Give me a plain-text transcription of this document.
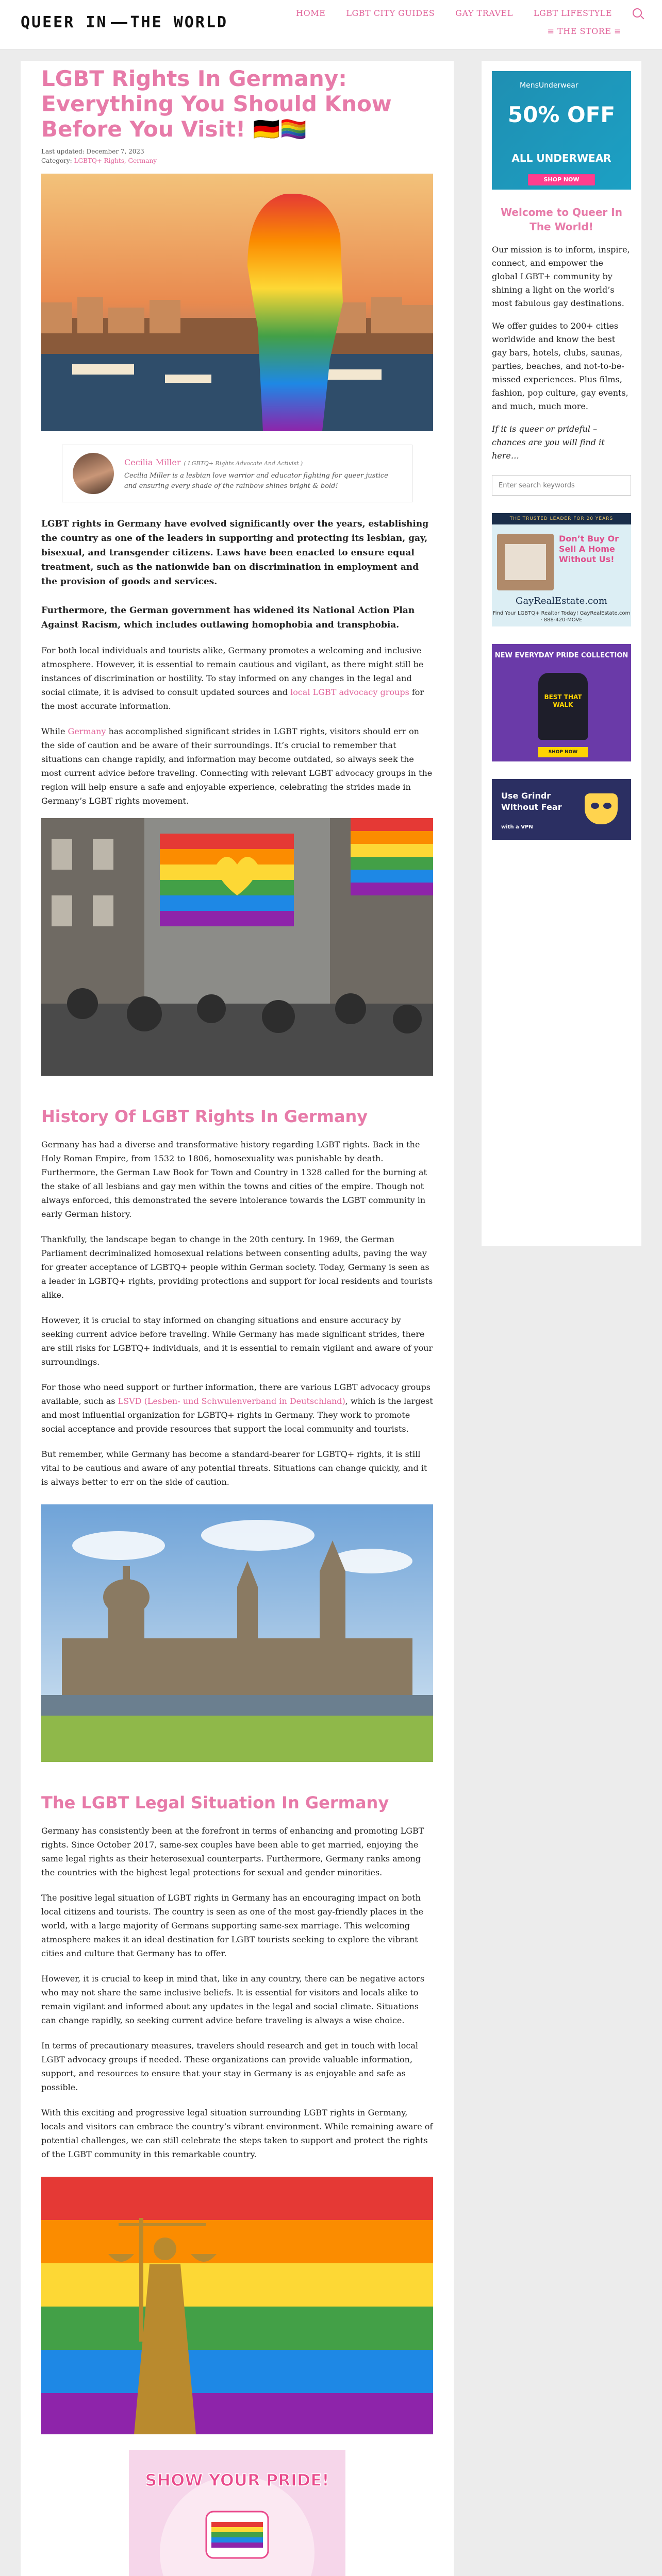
QUEER IN THE WORLD
HOME	LGBT CITY GUIDES	GAY TRAVEL	LGBT LIFESTYLE
≡ THE STORE ≡
LGBT Rights In Germany: Everything You Should Know Before You Visit! 🇩🇪🏳️‍🌈
Last updated: December 7, 2023
Category: LGBTQ+ Rights, Germany
Cecilia Miller ( LGBTQ+ Rights Advocate And Activist )
Cecilia Miller is a lesbian love warrior and educator fighting for queer justice and ensuring every shade of the rainbow shines bright & bold!

LGBT rights in Germany have evolved significantly over the years, establishing the country as one of the leaders in supporting and protecting its lesbian, gay, bisexual, and transgender citizens. Laws have been enacted to ensure equal treatment, such as the nationwide ban on discrimination in employment and the provision of goods and services.

Furthermore, the German government has widened its National Action Plan Against Racism, which includes outlawing homophobia and transphobia.

For both local individuals and tourists alike, Germany promotes a welcoming and inclusive atmosphere. However, it is essential to remain cautious and vigilant, as there might still be instances of discrimination or hostility. To stay informed on any changes in the legal and social climate, it is advised to consult updated sources and local LGBT advocacy groups for the most accurate information.

While Germany has accomplished significant strides in LGBT rights, visitors should err on the side of caution and be aware of their surroundings. It’s crucial to remember that situations can change rapidly, and information may become outdated, so always seek the most current advice before traveling. Connecting with relevant LGBT advocacy groups in the region will help ensure a safe and enjoyable experience, celebrating the strides made in Germany’s LGBT rights movement.

History Of LGBT Rights In Germany

Germany has had a diverse and transformative history regarding LGBT rights. Back in the Holy Roman Empire, from 1532 to 1806, homosexuality was punishable by death. Furthermore, the German Law Book for Town and Country in 1328 called for the burning at the stake of all lesbians and gay men within the towns and cities of the empire. Though not always enforced, this demonstrated the severe intolerance towards the LGBT community in early German history.

Thankfully, the landscape began to change in the 20th century. In 1969, the German Parliament decriminalized homosexual relations between consenting adults, paving the way for greater acceptance of LGBTQ+ people within German society. Today, Germany is seen as a leader in LGBTQ+ rights, providing protections and support for local residents and tourists alike.

However, it is crucial to stay informed on changing situations and ensure accuracy by seeking current advice before traveling. While Germany has made significant strides, there are still risks for LGBTQ+ individuals, and it is essential to remain vigilant and aware of your surroundings.

For those who need support or further information, there are various LGBT advocacy groups available, such as LSVD (Lesben- und Schwulenverband in Deutschland), which is the largest and most influential organization for LGBTQ+ rights in Germany. They work to promote social acceptance and provide resources that support the local community and tourists.

But remember, while Germany has become a standard-bearer for LGBTQ+ rights, it is still vital to be cautious and aware of any potential threats. Situations can change quickly, and it is always better to err on the side of caution.

The LGBT Legal Situation In Germany

Germany has consistently been at the forefront in terms of enhancing and promoting LGBT rights. Since October 2017, same-sex couples have been able to get married, enjoying the same legal rights as their heterosexual counterparts. Furthermore, Germany ranks among the countries with the highest legal protections for sexual and gender minorities.

The positive legal situation of LGBT rights in Germany has an encouraging impact on both local citizens and tourists. The country is seen as one of the most gay-friendly places in the world, with a large majority of Germans supporting same-sex marriage. This welcoming atmosphere makes it an ideal destination for LGBT tourists seeking to explore the vibrant cities and culture that Germany has to offer.

However, it is crucial to keep in mind that, like in any country, there can be negative actors who may not share the same inclusive beliefs. It is essential for visitors and locals alike to remain vigilant and informed about any updates in the legal and social climate. Situations can change rapidly, so seeking current advice before traveling is always a wise choice.

In terms of precautionary measures, travelers should research and get in touch with local LGBT advocacy groups if needed. These organizations can provide valuable information, support, and resources to ensure that your stay in Germany is as enjoyable and safe as possible.

With this exciting and progressive legal situation surrounding LGBT rights in Germany, locals and visitors can embrace the country’s vibrant environment. While remaining aware of potential challenges, we can still celebrate the steps taken to support and protect the rights of the LGBT community in this remarkable country.

SHOW YOUR PRIDE!
MensUnderwear
50% OFF
ALL UNDERWEAR
SHOP NOW
Welcome to Queer In The World!

Our mission is to inform, inspire, connect, and empower the global LGBT+ community by shining a light on the world’s most fabulous gay destinations.

We offer guides to 200+ cities worldwide and know the best gay bars, hotels, clubs, saunas, parties, beaches, and not-to-be-missed experiences. Plus films, fashion, pop culture, gay events, and much, much more.

If it is queer or prideful – chances are you will find it here…

Enter search keywords
THE TRUSTED LEADER FOR 20 YEARS
Don’t Buy Or Sell A Home Without Us!
GayRealEstate.com
Find Your LGBTQ+ Realtor Today! GayRealEstate.com · 888-420-MOVE
NEW EVERYDAY PRIDE COLLECTION
BEST THAT WALK
SHOP NOW
Use Grindr Without Fear
with a VPN
